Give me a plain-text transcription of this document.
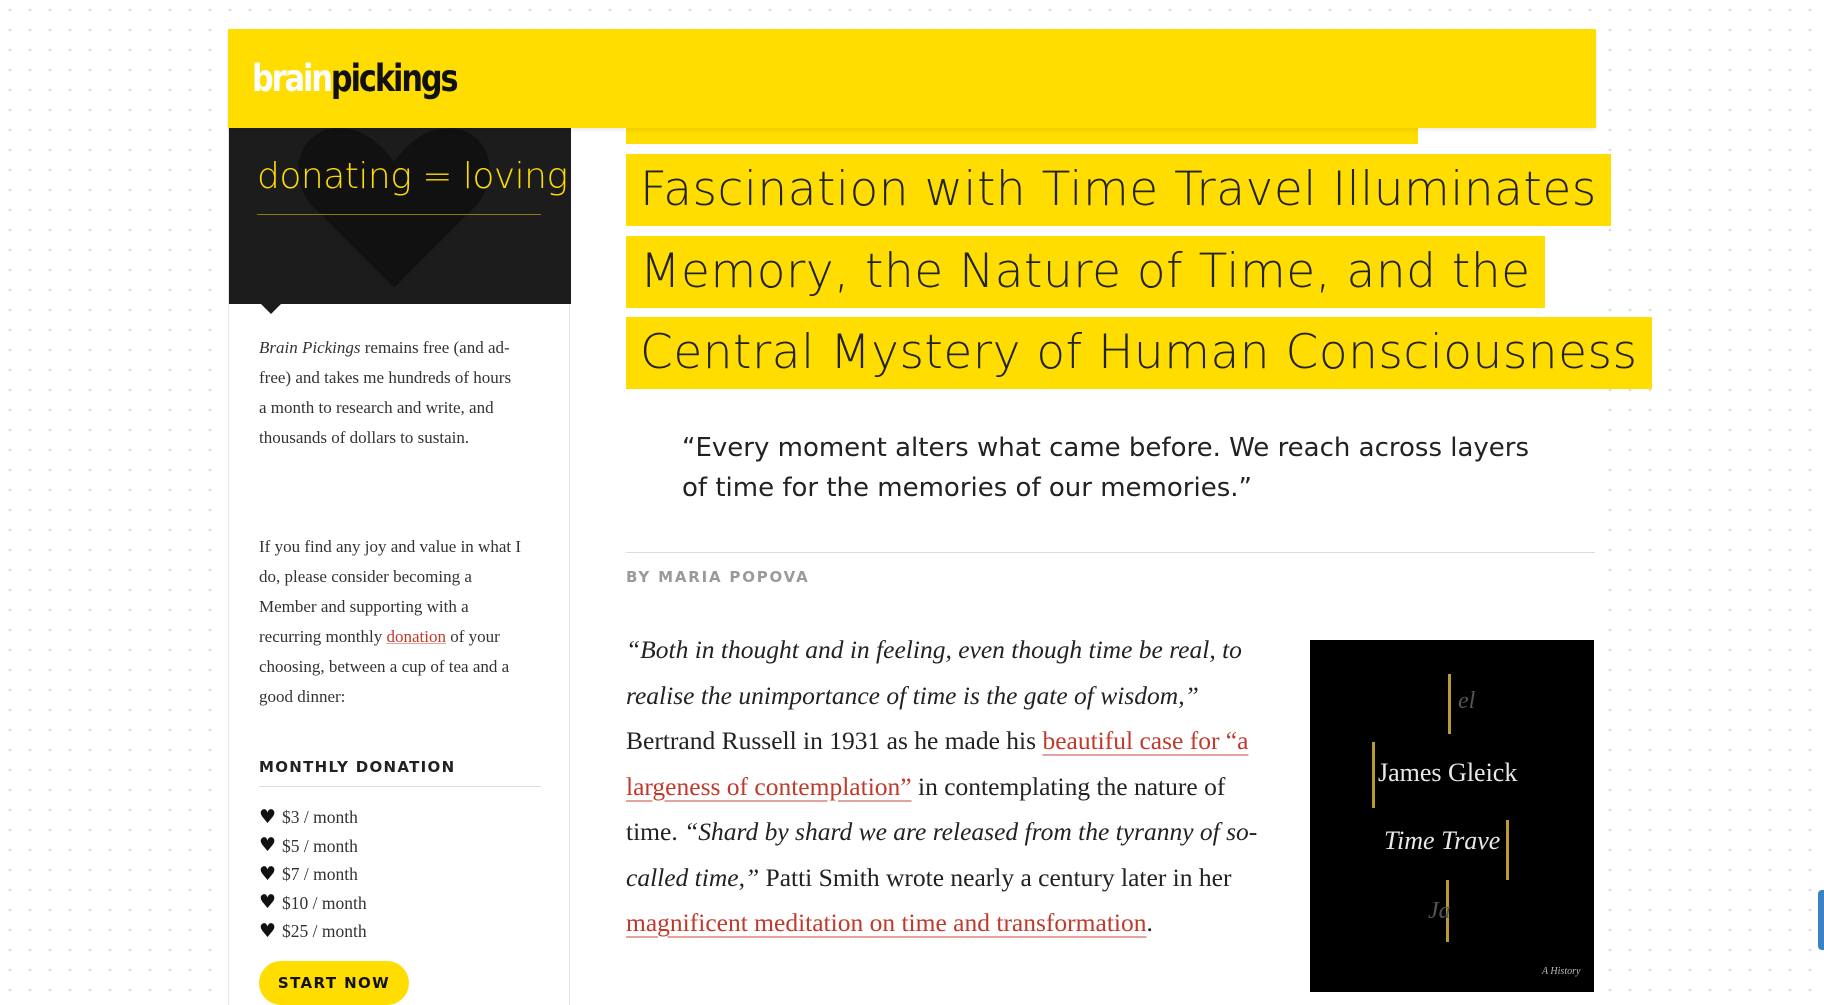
brainpickings
donating = loving
Brain Pickings remains free (and ad-free) and takes me hundreds of hours a month to research and write, and thousands of dollars to sustain.
If you find any joy and value in what I do, please consider becoming a Member and supporting with a recurring monthly donation of your choosing, between a cup of tea and a good dinner:
MONTHLY DONATION
♥ $3 / month
♥ $5 / month
♥ $7 / month
♥ $10 / month
♥ $25 / month
START NOW
Fascination with Time Travel Illuminates
Memory, the Nature of Time, and the
Central Mystery of Human Consciousness
“Every moment alters what came before. We reach across layers of time for the memories of our memories.”
BY MARIA POPOVA
“Both in thought and in feeling, even though time be real, to realise the unimportance of time is the gate of wisdom,” Bertrand Russell in 1931 as he made his beautiful case for “a largeness of contemplation” in contemplating the nature of time. “Shard by shard we are released from the tyranny of so-called time,” Patti Smith wrote nearly a century later in her magnificent meditation on time and transformation.
el
James Gleick
Time Trave
Ja
A History
